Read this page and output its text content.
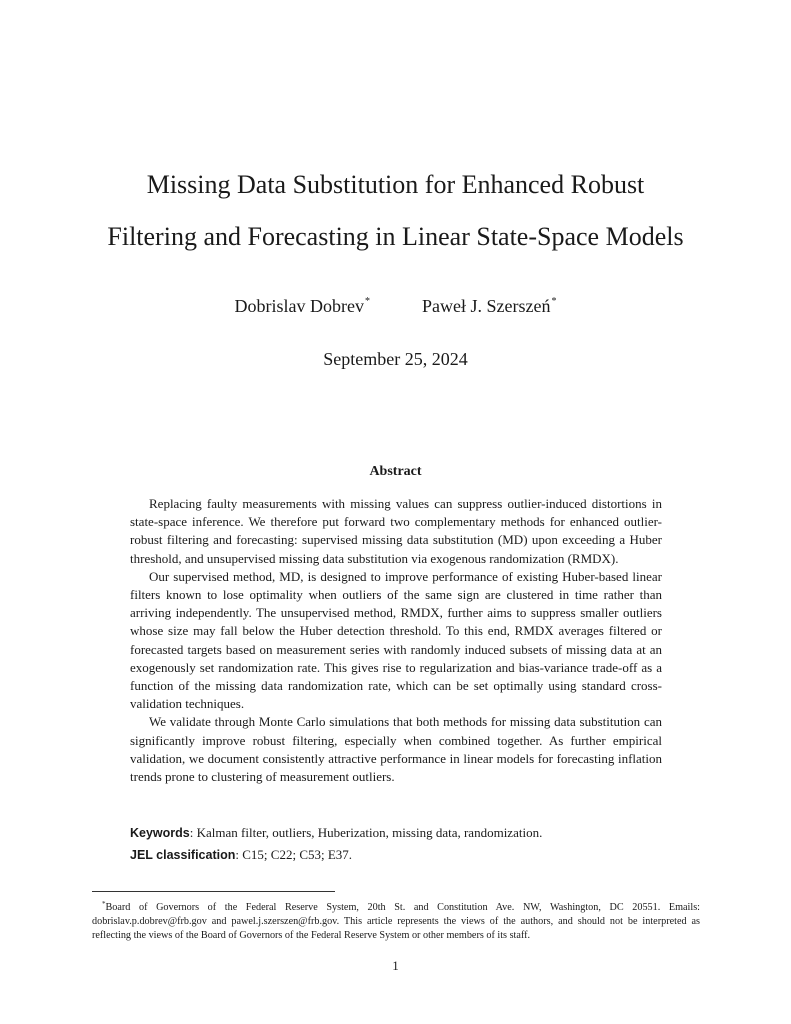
Missing Data Substitution for Enhanced Robust
Filtering and Forecasting in Linear State-Space Models
Dobrislav Dobrev*	Paweł J. Szerszeń*
September 25, 2024
Abstract

Replacing faulty measurements with missing values can suppress outlier-induced distortions in state-space inference. We therefore put forward two complementary methods for enhanced outlier-robust filtering and forecasting: supervised missing data substitution (MD) upon exceeding a Huber threshold, and unsupervised missing data substitution via exogenous randomization (RMDX).

Our supervised method, MD, is designed to improve performance of existing Huber-based linear filters known to lose optimality when outliers of the same sign are clustered in time rather than arriving independently. The unsupervised method, RMDX, further aims to suppress smaller outliers whose size may fall below the Huber detection threshold. To this end, RMDX averages filtered or forecasted targets based on measurement series with randomly induced subsets of missing data at an exogenously set randomization rate. This gives rise to regularization and bias-variance trade-off as a function of the missing data randomization rate, which can be set optimally using standard cross-validation techniques.

We validate through Monte Carlo simulations that both methods for missing data substitution can significantly improve robust filtering, especially when combined together. As further empirical validation, we document consistently attractive performance in linear models for forecasting inflation trends prone to clustering of measurement outliers.

Keywords: Kalman filter, outliers, Huberization, missing data, randomization.
JEL classification: C15; C22; C53; E37.

*Board of Governors of the Federal Reserve System, 20th St. and Constitution Ave. NW, Washington, DC 20551. Emails: dobrislav.p.dobrev@frb.gov and pawel.j.szerszen@frb.gov. This article represents the views of the authors, and should not be interpreted as reflecting the views of the Board of Governors of the Federal Reserve System or other members of its staff.

1
